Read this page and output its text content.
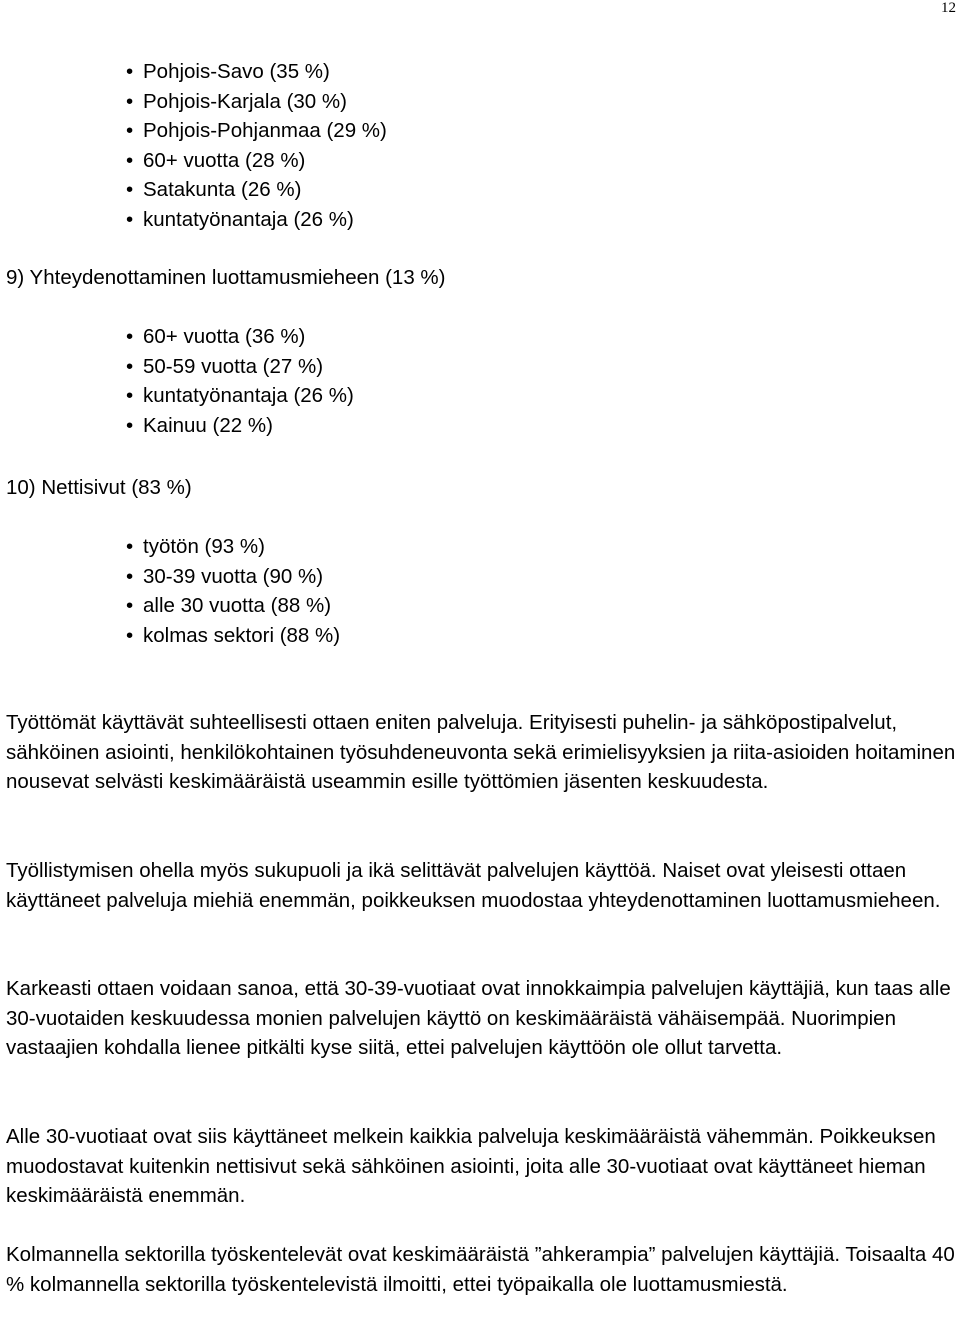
12
• Pohjois-Savo (35 %)
• Pohjois-Karjala (30 %)
• Pohjois-Pohjanmaa (29 %)
• 60+ vuotta (28 %)
• Satakunta (26 %)
• kuntatyönantaja (26 %)

9) Yhteydenottaminen luottamusmieheen (13 %)

• 60+ vuotta (36 %)
• 50-59 vuotta (27 %)
• kuntatyönantaja (26 %)
• Kainuu (22 %)

10) Nettisivut (83 %)

• työtön (93 %)
• 30-39 vuotta (90 %)
• alle 30 vuotta (88 %)
• kolmas sektori (88 %)

Työttömät käyttävät suhteellisesti ottaen eniten palveluja. Erityisesti puhelin- ja sähköpostipalvelut, sähköinen asiointi, henkilökohtainen työsuhdeneuvonta sekä erimielisyyksien ja riita-asioiden hoitaminen nousevat selvästi keskimääräistä useammin esille työttömien jäsenten keskuudesta.

Työllistymisen ohella myös sukupuoli ja ikä selittävät palvelujen käyttöä. Naiset ovat yleisesti ottaen käyttäneet palveluja miehiä enemmän, poikkeuksen muodostaa yhteydenottaminen luottamusmieheen.

Karkeasti ottaen voidaan sanoa, että 30-39-vuotiaat ovat innokkaimpia palvelujen käyttäjiä, kun taas alle 30-vuotaiden keskuudessa monien palvelujen käyttö on keskimääräistä vähäisempää. Nuorimpien vastaajien kohdalla lienee pitkälti kyse siitä, ettei palvelujen käyttöön ole ollut tarvetta.

Alle 30-vuotiaat ovat siis käyttäneet melkein kaikkia palveluja keskimääräistä vähemmän. Poikkeuksen muodostavat kuitenkin nettisivut sekä sähköinen asiointi, joita alle 30-vuotiaat ovat käyttäneet hieman keskimääräistä enemmän.

Kolmannella sektorilla työskentelevät ovat keskimääräistä ”ahkerampia” palvelujen käyttäjiä. Toisaalta 40 % kolmannella sektorilla työskentelevistä ilmoitti, ettei työpaikalla ole luottamusmiestä.
